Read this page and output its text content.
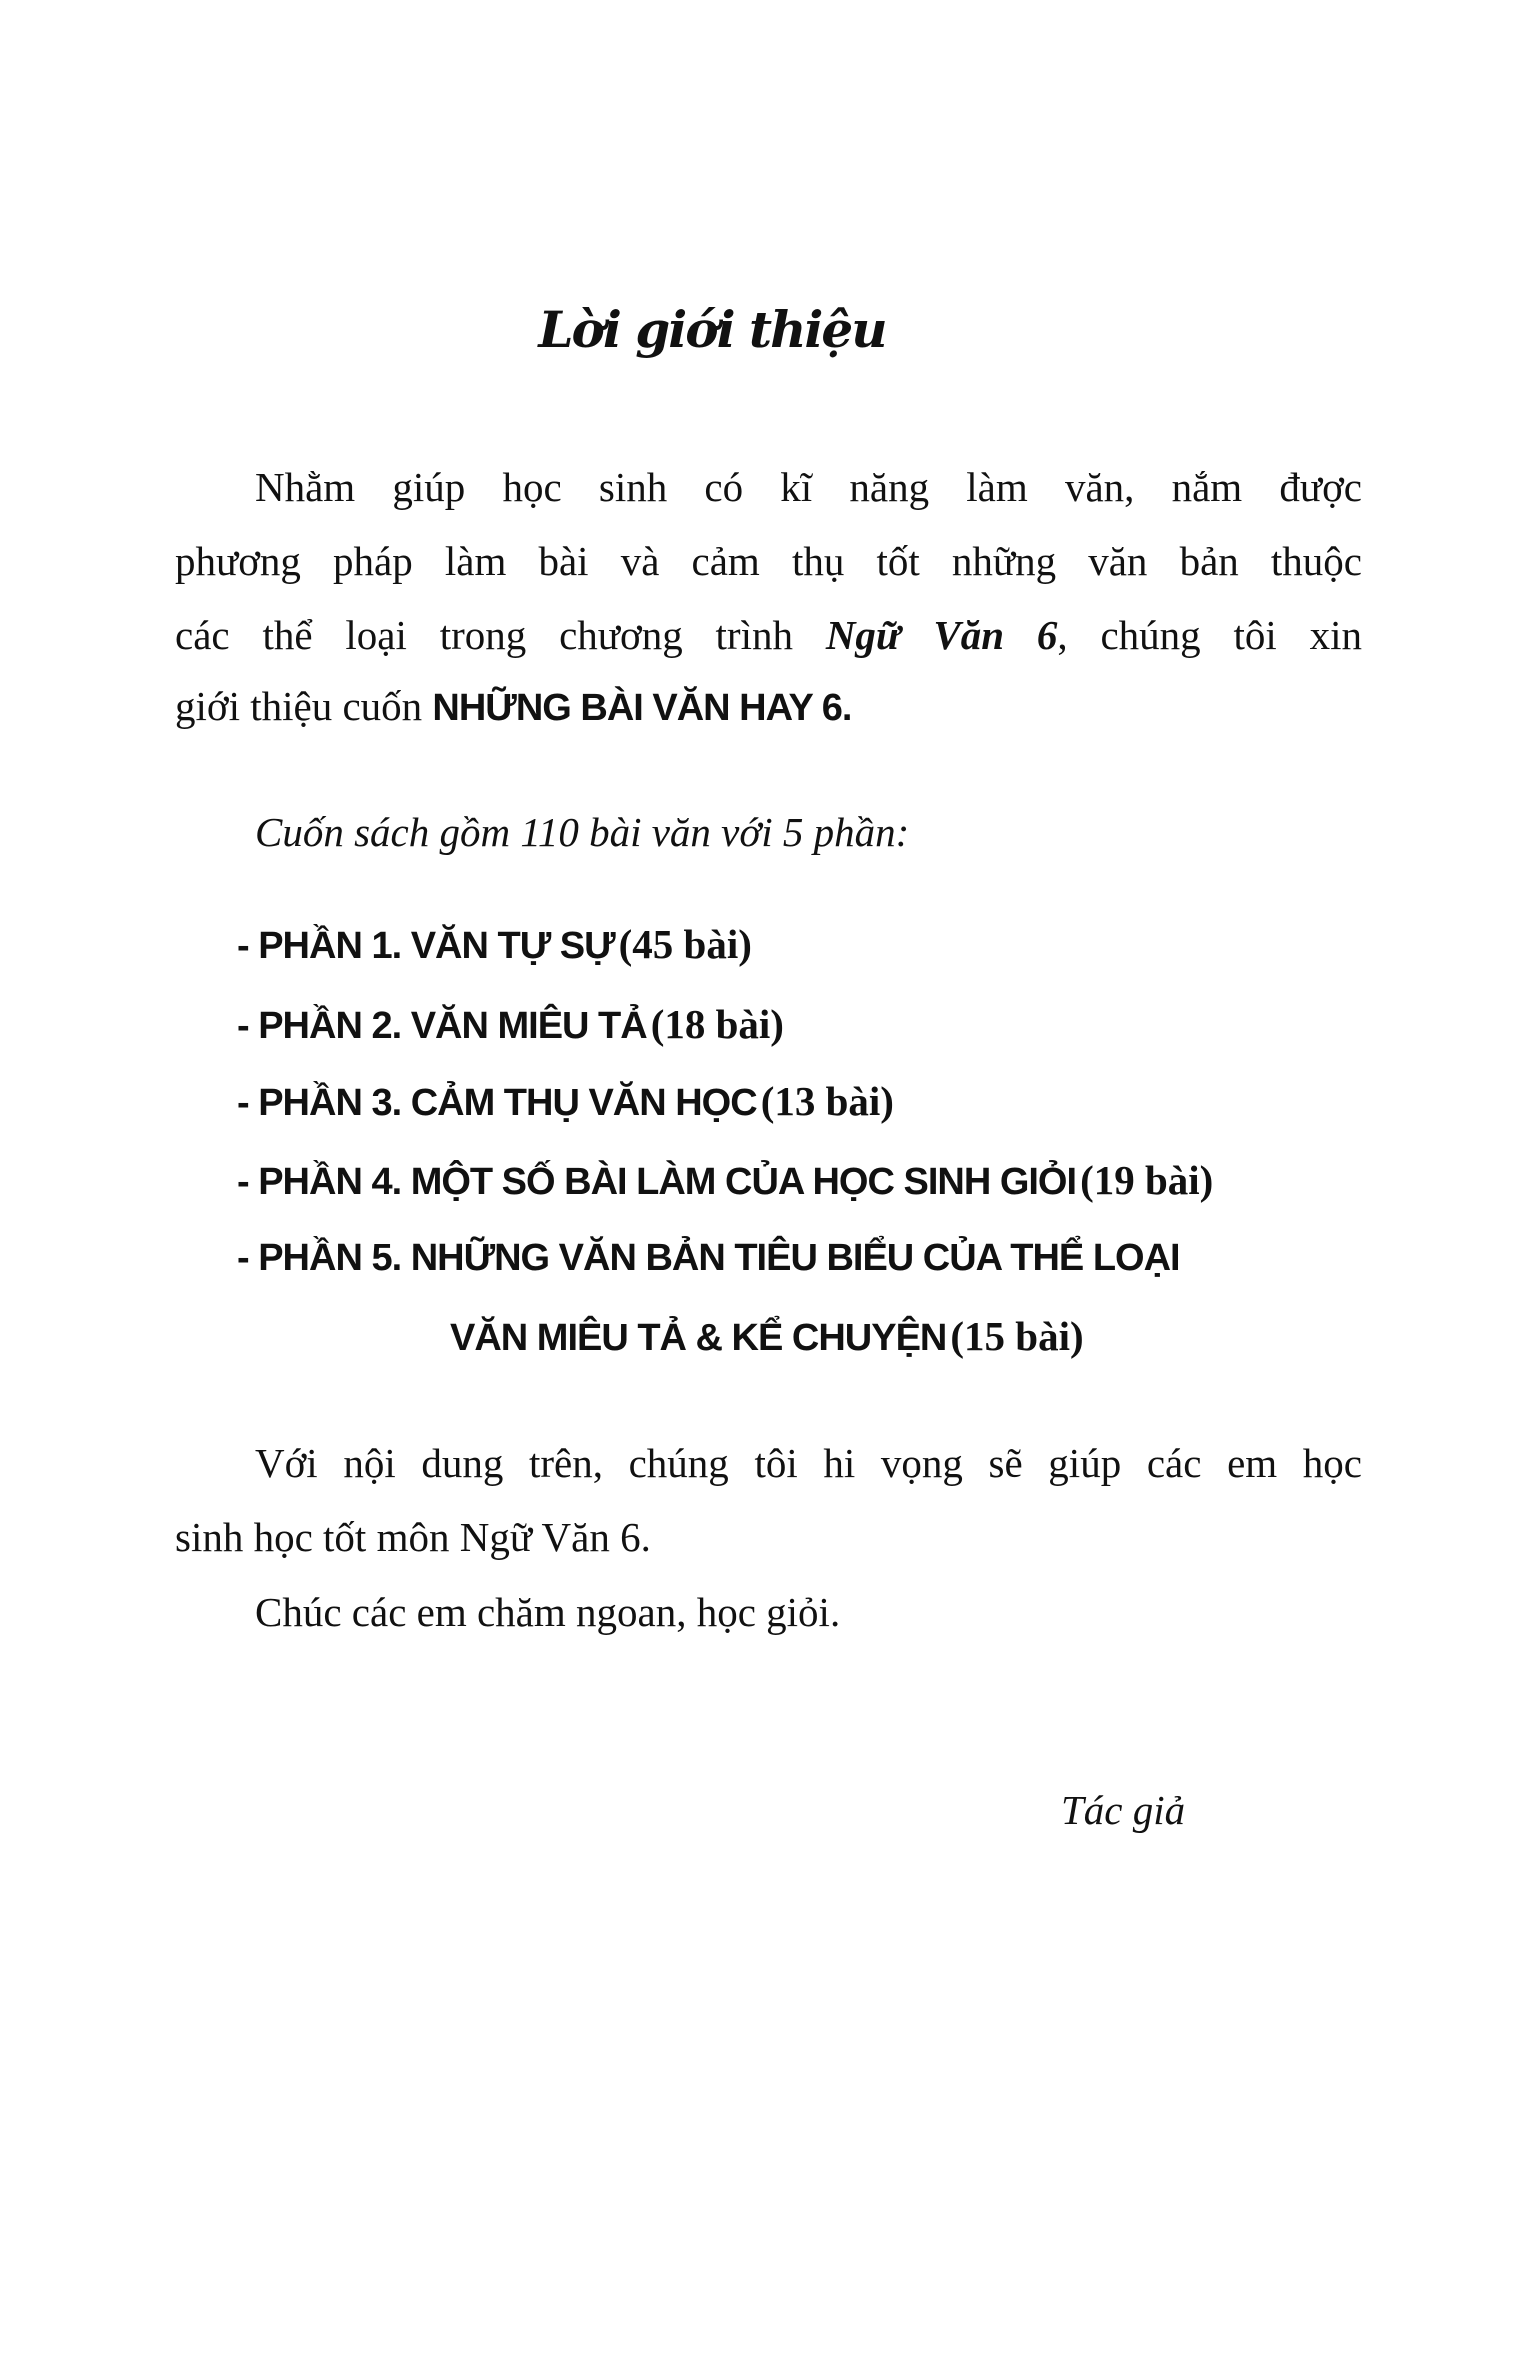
Lời giới thiệu
Nhằm giúp học sinh có kĩ năng làm văn, nắm được
phương pháp làm bài và cảm thụ tốt những văn bản thuộc
các thể loại trong chương trình Ngữ Văn 6, chúng tôi xin
giới thiệu cuốn NHỮNG BÀI VĂN HAY 6.
Cuốn sách gồm 110 bài văn với 5 phần:
- PHẦN 1. VĂN TỰ SỰ (45 bài)
- PHẦN 2. VĂN MIÊU TẢ (18 bài)
- PHẦN 3. CẢM THỤ VĂN HỌC (13 bài)
- PHẦN 4. MỘT SỐ BÀI LÀM CỦA HỌC SINH GIỎI (19 bài)
- PHẦN 5. NHỮNG VĂN BẢN TIÊU BIỂU CỦA THỂ LOẠI
VĂN MIÊU TẢ & KỂ CHUYỆN (15 bài)
Với nội dung trên, chúng tôi hi vọng sẽ giúp các em học
sinh học tốt môn Ngữ Văn 6.
Chúc các em chăm ngoan, học giỏi.
Tác giả
